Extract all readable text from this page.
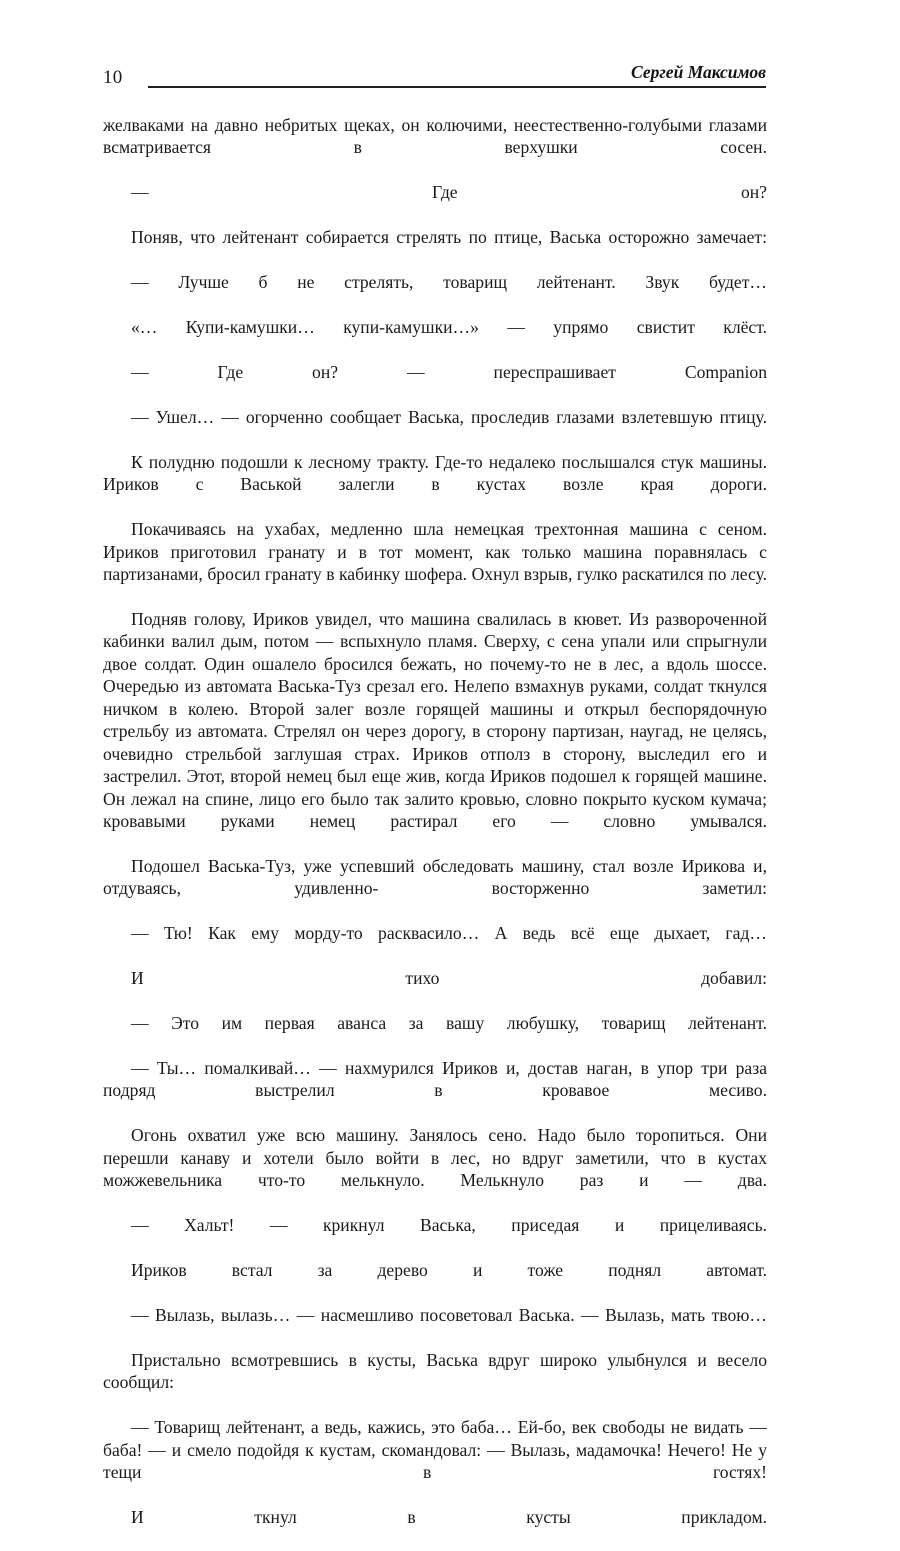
10	Сергей Максимов

желваками на давно небритых щеках, он колючими, неестественно-голубыми глазами всматривается в верхушки сосен.

— Где он?

Поняв, что лейтенант собирается стрелять по птице, Васька осторожно замечает:

— Лучше б не стрелять, товарищ лейтенант. Звук будет…

«… Купи-камушки… купи-камушки…» — упрямо свистит клёст.

— Где он? — переспрашивает Companion

— Ушел… — огорченно сообщает Васька, проследив глазами взлетевшую птицу.

К полудню подошли к лесному тракту. Где-то недалеко послышался стук машины. Ириков с Васькой залегли в кустах возле края дороги.

Покачиваясь на ухабах, медленно шла немецкая трехтонная машина с сеном. Ириков приготовил гранату и в тот момент, как только машина поравнялась с партизанами, бросил гранату в кабинку шофера. Охнул взрыв, гулко раскатился по лесу.

Подняв голову, Ириков увидел, что машина свалилась в кювет. Из развороченной кабинки валил дым, потом — вспыхнуло пламя. Сверху, с сена упали или спрыгнули двое солдат. Один ошалело бросился бежать, но почему-то не в лес, а вдоль шоссе. Очередью из автомата Васька-Туз срезал его. Нелепо взмахнув руками, солдат ткнулся ничком в колею. Второй залег возле горящей машины и открыл беспорядочную стрельбу из автомата. Стрелял он через дорогу, в сторону партизан, наугад, не целясь, очевидно стрельбой заглушая страх. Ириков отполз в сторону, выследил его и застрелил. Этот, второй немец был еще жив, когда Ириков подошел к горящей машине. Он лежал на спине, лицо его было так залито кровью, словно покрыто куском кумача; кровавыми руками немец растирал его — словно умывался.

Подошел Васька-Туз, уже успевший обследовать машину, стал возле Ирикова и, отдуваясь, удивленно- восторженно заметил:

— Тю! Как ему морду-то расквасило… А ведь всё еще дыхает, гад…

И тихо добавил:

— Это им первая аванса за вашу любушку, товарищ лейтенант.

— Ты… помалкивай… — нахмурился Ириков и, достав наган, в упор три раза подряд выстрелил в кровавое месиво.

Огонь охватил уже всю машину. Занялось сено. Надо было торопиться. Они перешли канаву и хотели было войти в лес, но вдруг заметили, что в кустах можжевельника что-то мелькнуло. Мелькнуло раз и — два.

— Хальт! — крикнул Васька, приседая и прицеливаясь.

Ириков встал за дерево и тоже поднял автомат.

— Вылазь, вылазь… — насмешливо посоветовал Васька. — Вылазь, мать твою…

Пристально всмотревшись в кусты, Васька вдруг широко улыбнулся и весело сообщил:

— Товарищ лейтенант, а ведь, кажись, это баба… Ей-бо, век свободы не видать — баба! — и смело подойдя к кустам, скомандовал: — Вылазь, мадамочка! Нечего! Не у тещи в гостях!

И ткнул в кусты прикладом.
